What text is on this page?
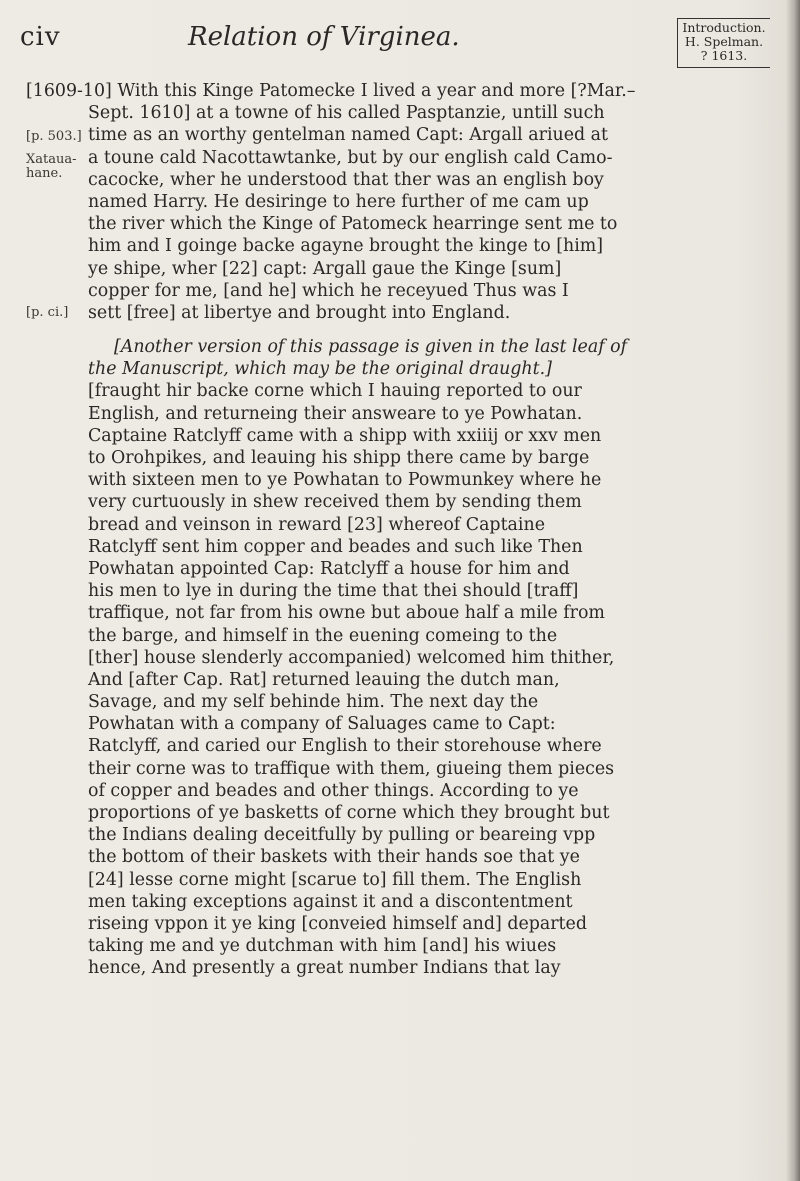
civ	Relation of Virginea.	Introduction.
H. Spelman.
? 1613.
[p. 503.]
Xataua-
hane.
[p. ci.]
[1609-10] With this Kinge Patomecke I lived a year and more [?Mar.–
Sept. 1610] at a towne of his called Pasptanzie, untill such
time as an worthy gentelman named Capt: Argall ariued at
a toune cald Nacottawtanke, but by our english cald Camo-
cacocke, wher he understood that ther was an english boy
named Harry. He desiringe to here further of me cam up
the river which the Kinge of Patomeck hearringe sent me to
him and I goinge backe agayne brought the kinge to [him]
ye shipe, wher [22] capt: Argall gaue the Kinge [sum]
copper for me, [and he] which he receyued Thus was I
sett [free] at libertye and brought into England.
[Another version of this passage is given in the last leaf of
the Manuscript, which may be the original draught.]
[fraught hir backe corne which I hauing reported to our
English, and returneing their answeare to ye Powhatan.
Captaine Ratclyff came with a shipp with xxiiij or xxv men
to Orohpikes, and leauing his shipp there came by barge
with sixteen men to ye Powhatan to Powmunkey where he
very curtuously in shew received them by sending them
bread and veinson in reward [23] whereof Captaine
Ratclyff sent him copper and beades and such like Then
Powhatan appointed Cap: Ratclyff a house for him and
his men to lye in during the time that thei should [traff]
traffique, not far from his owne but aboue half a mile from
the barge, and himself in the euening comeing to the
[ther] house slenderly accompanied) welcomed him thither,
And [after Cap. Rat] returned leauing the dutch man,
Savage, and my self behinde him. The next day the
Powhatan with a company of Saluages came to Capt:
Ratclyff, and caried our English to their storehouse where
their corne was to traffique with them, giueing them pieces
of copper and beades and other things. According to ye
proportions of ye basketts of corne which they brought but
the Indians dealing deceitfully by pulling or beareing vpp
the bottom of their baskets with their hands soe that ye
[24] lesse corne might [scarue to] fill them. The English
men taking exceptions against it and a discontentment
riseing vppon it ye king [conveied himself and] departed
taking me and ye dutchman with him [and] his wiues
hence, And presently a great number Indians that lay
